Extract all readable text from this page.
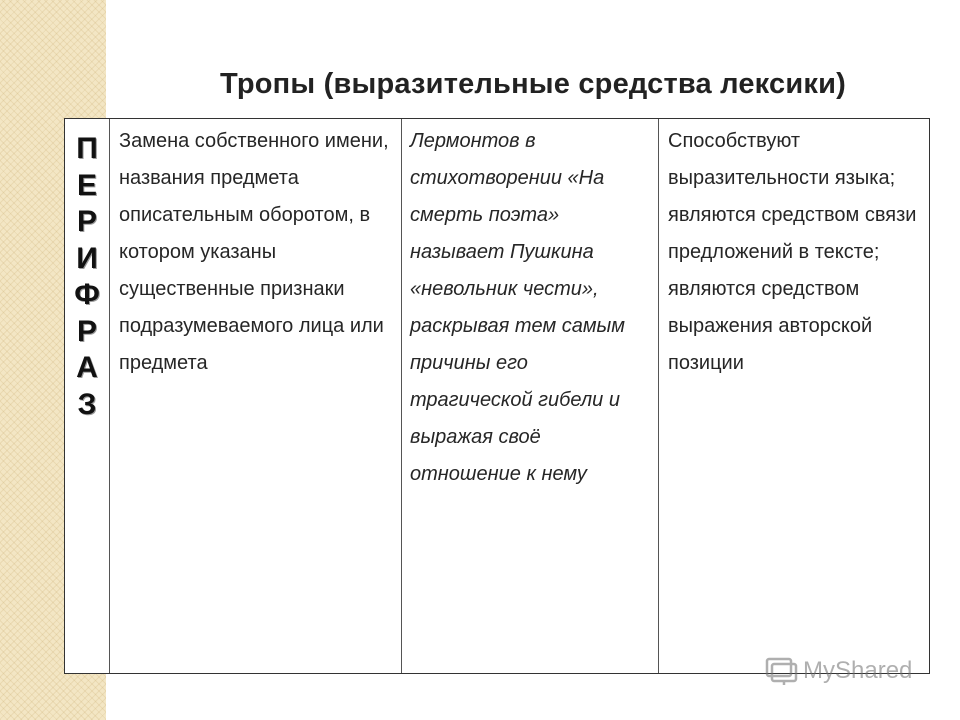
Тропы (выразительные средства лексики)
П
Е
Р
И
Ф
Р
А
З

Замена собственного имени, названия предмета описательным оборотом, в котором указаны существенные признаки подразумеваемого лица или предмета

Лермонтов в стихотворении «На смерть поэта» называет Пушкина «невольник чести», раскрывая тем самым причины его трагической гибели и выражая своё отношение к нему

Способствуют выразительности языка; являются средством связи предложений в тексте; являются средством выражения авторской позиции

MyShared
